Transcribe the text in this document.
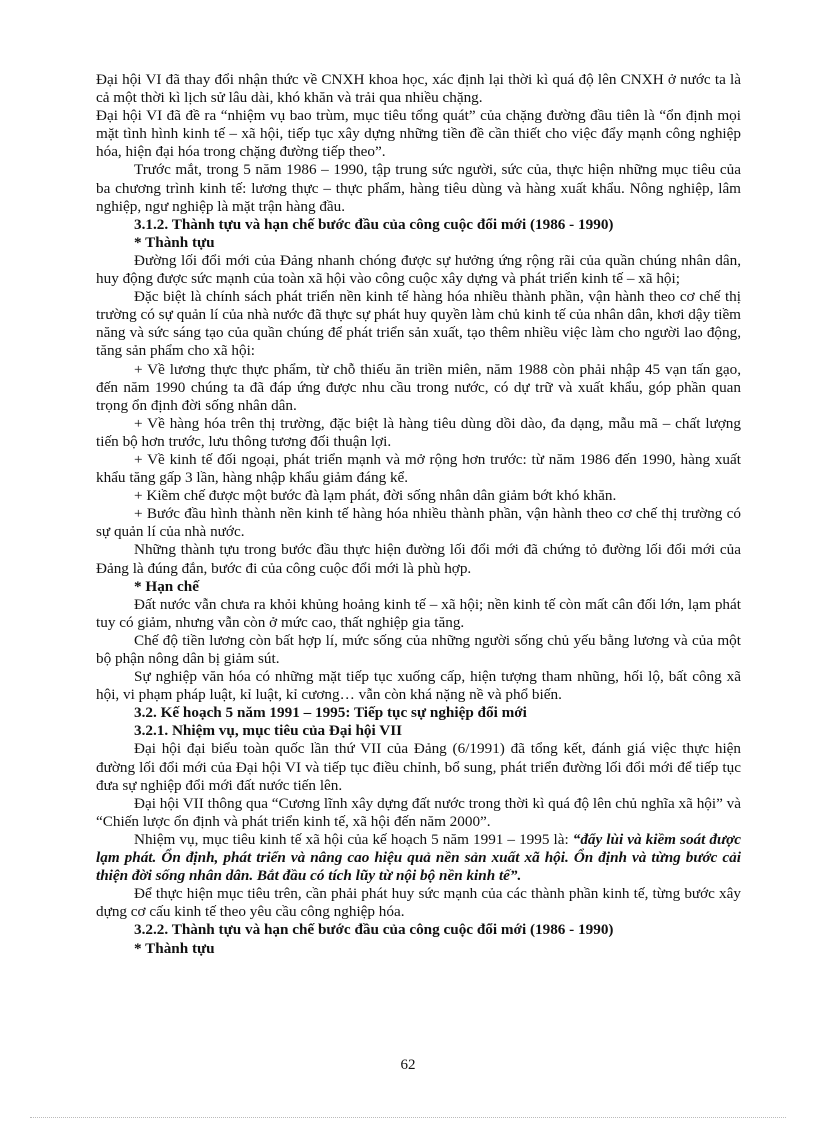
Đại hội VI đã thay đổi nhận thức về CNXH khoa học, xác định lại thời kì quá độ lên CNXH ở nước ta là cả một thời kì lịch sử lâu dài, khó khăn và trải qua nhiều chặng.

Đại hội VI đã đề ra “nhiệm vụ bao trùm, mục tiêu tổng quát” của chặng đường đầu tiên là “ổn định mọi mặt tình hình kinh tế – xã hội, tiếp tục xây dựng những tiền đề cần thiết cho việc đẩy mạnh công nghiệp hóa, hiện đại hóa trong chặng đường tiếp theo”.

Trước mắt, trong 5 năm 1986 – 1990, tập trung sức người, sức của, thực hiện những mục tiêu của ba chương trình kinh tế: lương thực – thực phẩm, hàng tiêu dùng và hàng xuất khẩu. Nông nghiệp, lâm nghiệp, ngư nghiệp là mặt trận hàng đầu.

3.1.2. Thành tựu và hạn chế bước đầu của công cuộc đổi mới (1986 - 1990)

* Thành tựu

Đường lối đổi mới của Đảng nhanh chóng được sự hưởng ứng rộng rãi của quần chúng nhân dân, huy động được sức mạnh của toàn xã hội vào công cuộc xây dựng và phát triển kinh tế – xã hội;

Đặc biệt là chính sách phát triển nền kinh tế hàng hóa nhiều thành phần, vận hành theo cơ chế thị trường có sự quản lí của nhà nước đã thực sự phát huy quyền làm chủ kinh tế của nhân dân, khơi dậy tiềm năng và sức sáng tạo của quần chúng để phát triển sản xuất, tạo thêm nhiều việc làm cho người lao động, tăng sản phẩm cho xã hội:

+ Về lương thực thực phẩm, từ chỗ thiếu ăn triền miên, năm 1988 còn phải nhập 45 vạn tấn gạo, đến năm 1990 chúng ta đã đáp ứng được nhu cầu trong nước, có dự trữ và xuất khẩu, góp phần quan trọng ổn định đời sống nhân dân.

+ Về hàng hóa trên thị trường, đặc biệt là hàng tiêu dùng dồi dào, đa dạng, mẫu mã – chất lượng tiến bộ hơn trước, lưu thông tương đối thuận lợi.

+ Về kinh tế đối ngoại, phát triển mạnh và mở rộng hơn trước: từ năm 1986 đến 1990, hàng xuất khẩu tăng gấp 3 lần, hàng nhập khẩu giảm đáng kể.

+ Kiềm chế được một bước đà lạm phát, đời sống nhân dân giảm bớt khó khăn.

+ Bước đầu hình thành nền kinh tế hàng hóa nhiều thành phần, vận hành theo cơ chế thị trường có sự quản lí của nhà nước.

Những thành tựu trong bước đầu thực hiện đường lối đổi mới đã chứng tỏ đường lối đổi mới của Đảng là đúng đắn, bước đi của công cuộc đổi mới là phù hợp.

* Hạn chế

Đất nước vẫn chưa ra khỏi khủng hoảng kinh tế – xã hội; nền kinh tế còn mất cân đối lớn, lạm phát tuy có giảm, nhưng vẫn còn ở mức cao, thất nghiệp gia tăng.

Chế độ tiền lương còn bất hợp lí, mức sống của những người sống chủ yếu bằng lương và của một bộ phận nông dân bị giảm sút.

Sự nghiệp văn hóa có những mặt tiếp tục xuống cấp, hiện tượng tham nhũng, hối lộ, bất công xã hội, vi phạm pháp luật, kỉ luật, kỉ cương… vẫn còn khá nặng nề và phổ biến.

3.2. Kế hoạch 5 năm 1991 – 1995: Tiếp tục sự nghiệp đổi mới

3.2.1. Nhiệm vụ, mục tiêu của Đại hội VII

Đại hội đại biểu toàn quốc lần thứ VII của Đảng (6/1991) đã tổng kết, đánh giá việc thực hiện đường lối đổi mới của Đại hội VI và tiếp tục điều chỉnh, bổ sung, phát triển đường lối đổi mới để tiếp tục đưa sự nghiệp đổi mới đất nước tiến lên.

Đại hội VII thông qua “Cương lĩnh xây dựng đất nước trong thời kì quá độ lên chủ nghĩa xã hội” và “Chiến lược ổn định và phát triển kinh tế, xã hội đến năm 2000”.

Nhiệm vụ, mục tiêu kinh tế xã hội của kế hoạch 5 năm 1991 – 1995 là: “đẩy lùi và kiềm soát được lạm phát. Ổn định, phát triển và nâng cao hiệu quả nền sản xuất xã hội. Ổn định và từng bước cải thiện đời sống nhân dân. Bắt đầu có tích lũy từ nội bộ nền kinh tế”.

Để thực hiện mục tiêu trên, cần phải phát huy sức mạnh của các thành phần kinh tế, từng bước xây dựng cơ cấu kinh tế theo yêu cầu công nghiệp hóa.

3.2.2. Thành tựu và hạn chế bước đầu của công cuộc đổi mới (1986 - 1990)

* Thành tựu

62
